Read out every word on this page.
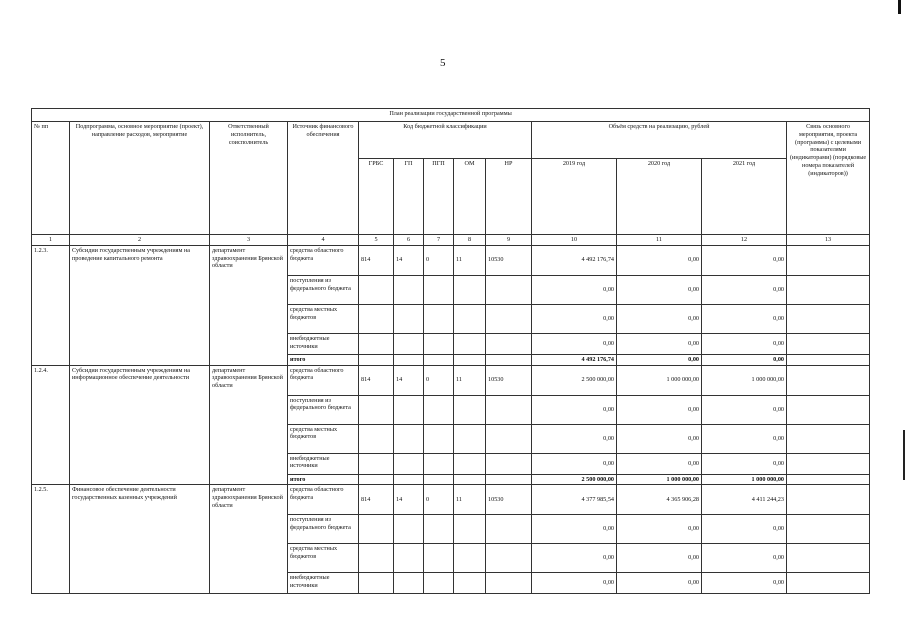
5
План реализации государственной программы												
№ пп	Подпрограмма, основное мероприятие (проект), направление расходов, мероприятие	Ответственный исполнитель, соисполнитель	Источник финансового обеспечения	Код бюджетной классификации					Объём средств на реализацию, рублей			Связь основного мероприятия, проекта (программы) с целевыми показателями (индикаторами) (порядковые номера показателей (индикаторов))
				ГРБС	ГП	ПГП	ОМ	НР	2019 год	2020 год	2021 год	
1	2	3	4	5	6	7	8	9	10	11	12	13
1.2.3.	Субсидии государственным учреждениям на проведение капитального ремонта	департамент здравоохранения Брянской области	средства областного бюджета	814	14	0	11	10530	4 492 176,74	0,00	0,00	
			поступления из федерального бюджета						0,00	0,00	0,00	
			средства местных бюджетов						0,00	0,00	0,00	
			внебюджетные источники						0,00	0,00	0,00	
			итого						4 492 176,74	0,00	0,00	
1.2.4.	Субсидии государственным учреждениям на информационное обеспечение деятельности	департамент здравоохранения Брянской области	средства областного бюджета	814	14	0	11	10530	2 500 000,00	1 000 000,00	1 000 000,00	
			поступления из федерального бюджета						0,00	0,00	0,00	
			средства местных бюджетов						0,00	0,00	0,00	
			внебюджетные источники						0,00	0,00	0,00	
			итого						2 500 000,00	1 000 000,00	1 000 000,00	
1.2.5.	Финансовое обеспечение деятельности государственных казенных учреждений	департамент здравоохранения Брянской области	средства областного бюджета	814	14	0	11	10530	4 377 985,54	4 365 906,28	4 411 244,23	
			поступления из федерального бюджета						0,00	0,00	0,00	
			средства местных бюджетов						0,00	0,00	0,00	
			внебюджетные источники						0,00	0,00	0,00	
